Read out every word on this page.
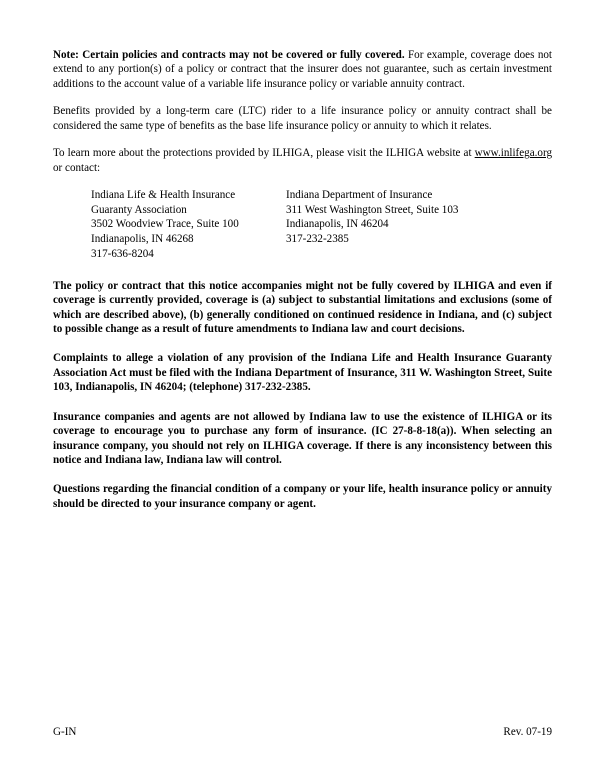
Note: Certain policies and contracts may not be covered or fully covered. For example, coverage does not extend to any portion(s) of a policy or contract that the insurer does not guarantee, such as certain investment additions to the account value of a variable life insurance policy or variable annuity contract.

Benefits provided by a long-term care (LTC) rider to a life insurance policy or annuity contract shall be considered the same type of benefits as the base life insurance policy or annuity to which it relates.

To learn more about the protections provided by ILHIGA, please visit the ILHIGA website at www.inlifega.org or contact:

Indiana Life & Health Insurance	Indiana Department of Insurance
Guaranty Association	311 West Washington Street, Suite 103
3502 Woodview Trace, Suite 100	Indianapolis, IN 46204
Indianapolis, IN 46268	317-232-2385
317-636-8204	

The policy or contract that this notice accompanies might not be fully covered by ILHIGA and even if coverage is currently provided, coverage is (a) subject to substantial limitations and exclusions (some of which are described above), (b) generally conditioned on continued residence in Indiana, and (c) subject to possible change as a result of future amendments to Indiana law and court decisions.

Complaints to allege a violation of any provision of the Indiana Life and Health Insurance Guaranty Association Act must be filed with the Indiana Department of Insurance, 311 W. Washington Street, Suite 103, Indianapolis, IN 46204; (telephone) 317-232-2385.

Insurance companies and agents are not allowed by Indiana law to use the existence of ILHIGA or its coverage to encourage you to purchase any form of insurance. (IC 27-8-8-18(a)). When selecting an insurance company, you should not rely on ILHIGA coverage. If there is any inconsistency between this notice and Indiana law, Indiana law will control.

Questions regarding the financial condition of a company or your life, health insurance policy or annuity should be directed to your insurance company or agent.

G-IN	Rev. 07-19
